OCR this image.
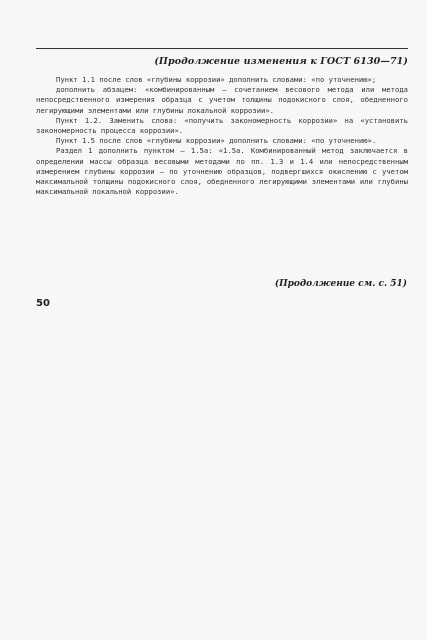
(Продолжение изменения к ГОСТ 6130—71)

Пункт 1.1 после слов «глубины коррозии» дополнить словами: «по уточнению»;

дополнить абзацем: «комбинированным — сочетанием весового метода или метода непосредственного измерения образца с учетом толщины подокисного слоя, обедненного легирующими элементами или глубины локальной коррозии».

Пункт 1.2. Заменить слова: «получить закономерность коррозии» на «установить закономерность процесса коррозии».

Пункт 1.5 после слов «глубины коррозии» дополнить словами: «по уточнению».

Раздел 1 дополнить пунктом — 1.5а: «1.5а. Комбинированный метод заключается в определении массы образца весовыми методами по пп. 1.3 и 1.4 или непосредственным измерением глубины коррозии — по уточнению образцов, подвергшихся окислению с учетом максимальной толщины подокисного слоя, обедненного легирующими элементами или глубины максимальной локальной коррозии».

(Продолжение см. с. 51)
50
